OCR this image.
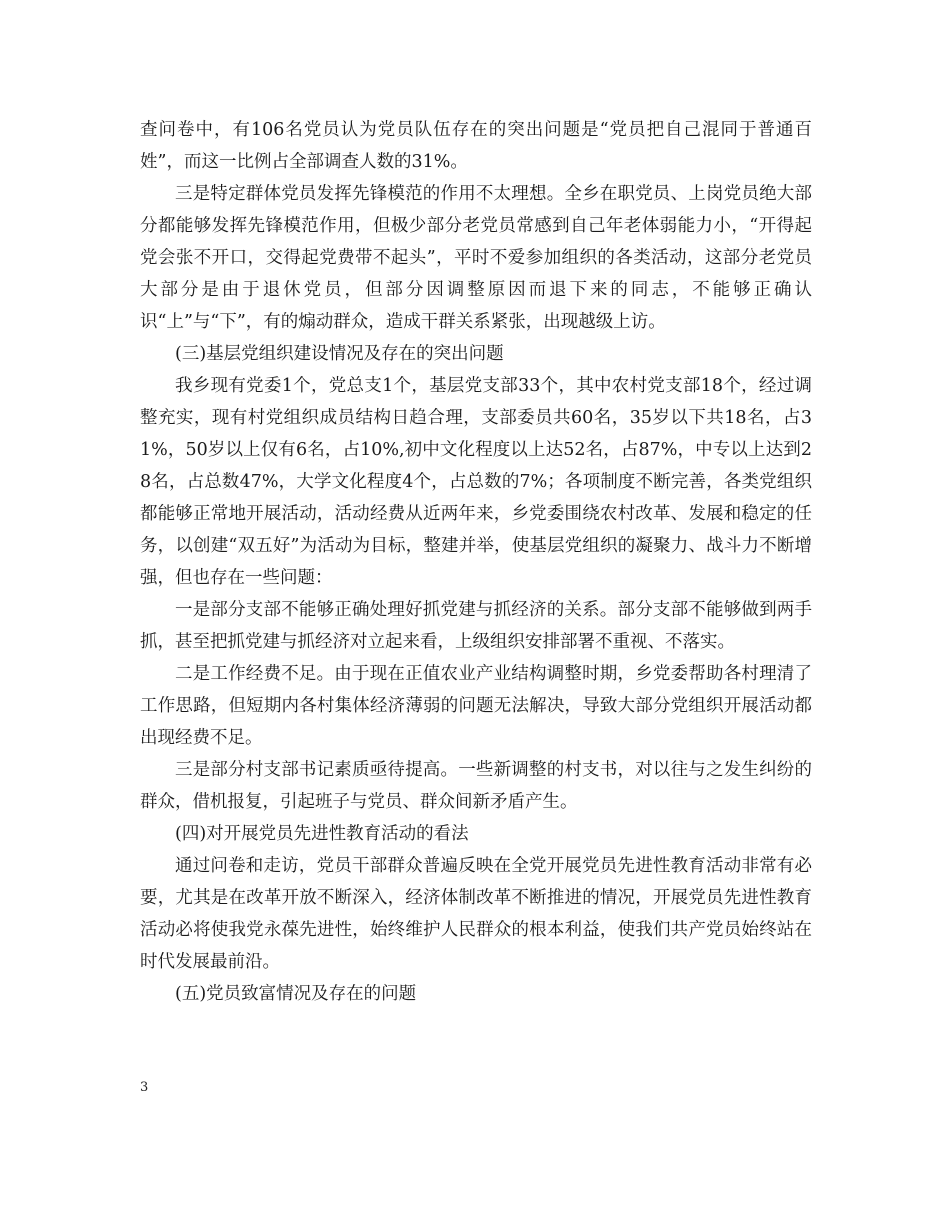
查问卷中，有106名党员认为党员队伍存在的突出问题是“党员把自己混同于普通百姓”，而这一比例占全部调查人数的31%。

三是特定群体党员发挥先锋模范的作用不太理想。全乡在职党员、上岗党员绝大部分都能够发挥先锋模范作用，但极少部分老党员常感到自己年老体弱能力小，“开得起党会张不开口，交得起党费带不起头”，平时不爱参加组织的各类活动，这部分老党员大部分是由于退休党员，但部分因调整原因而退下来的同志，不能够正确认识“上”与“下”，有的煽动群众，造成干群关系紧张，出现越级上访。

(三)基层党组织建设情况及存在的突出问题

我乡现有党委1个，党总支1个，基层党支部33个，其中农村党支部18个，经过调整充实，现有村党组织成员结构日趋合理，支部委员共60名，35岁以下共18名，占31%，50岁以上仅有6名，占10%,初中文化程度以上达52名，占87%，中专以上达到28名，占总数47%，大学文化程度4个，占总数的7%；各项制度不断完善，各类党组织都能够正常地开展活动，活动经费从近两年来，乡党委围绕农村改革、发展和稳定的任务，以创建“双五好”为活动为目标，整建并举，使基层党组织的凝聚力、战斗力不断增强，但也存在一些问题：

一是部分支部不能够正确处理好抓党建与抓经济的关系。部分支部不能够做到两手抓，甚至把抓党建与抓经济对立起来看，上级组织安排部署不重视、不落实。

二是工作经费不足。由于现在正值农业产业结构调整时期，乡党委帮助各村理清了工作思路，但短期内各村集体经济薄弱的问题无法解决，导致大部分党组织开展活动都出现经费不足。

三是部分村支部书记素质亟待提高。一些新调整的村支书，对以往与之发生纠纷的群众，借机报复，引起班子与党员、群众间新矛盾产生。

(四)对开展党员先进性教育活动的看法

通过问卷和走访，党员干部群众普遍反映在全党开展党员先进性教育活动非常有必要，尤其是在改革开放不断深入，经济体制改革不断推进的情况，开展党员先进性教育活动必将使我党永葆先进性，始终维护人民群众的根本利益，使我们共产党员始终站在时代发展最前沿。

(五)党员致富情况及存在的问题

3
